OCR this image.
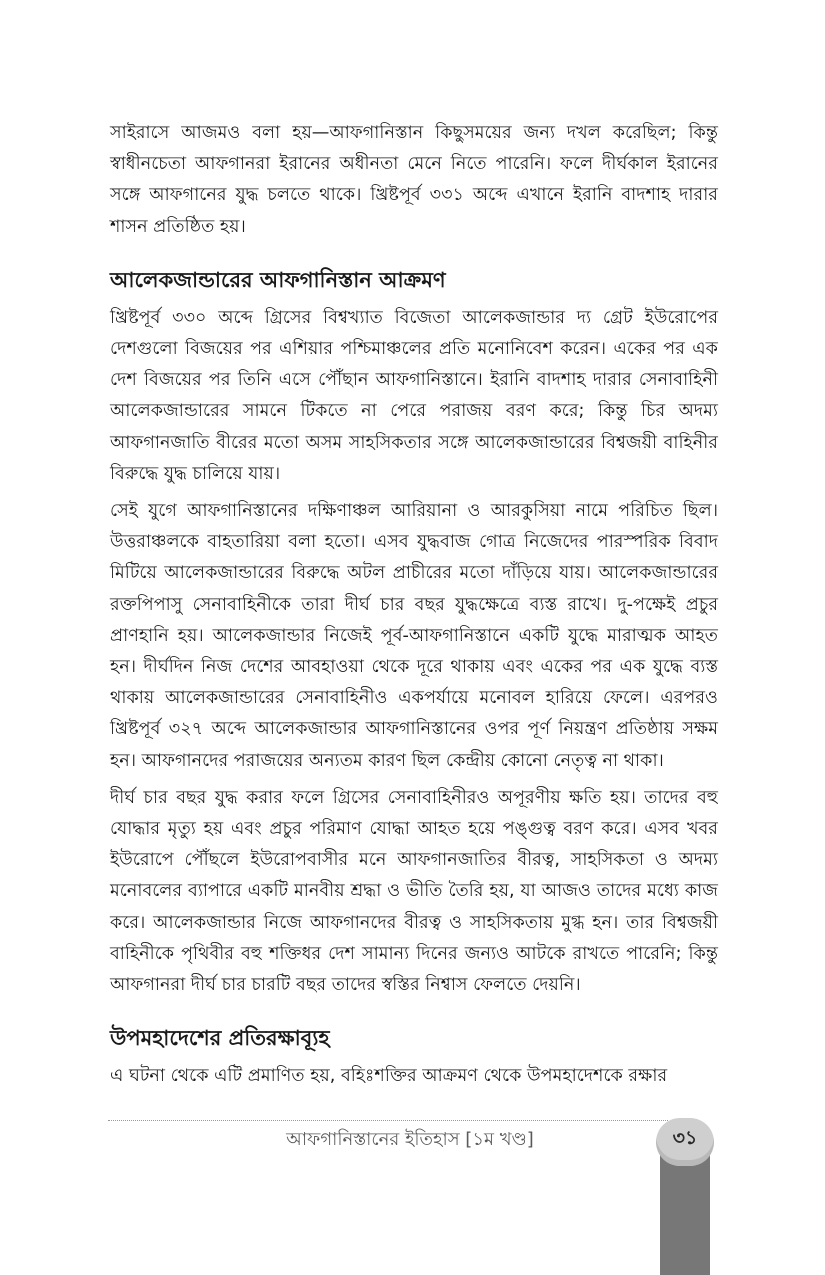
সাইরাসে আজমও বলা হয়—আফগানিস্তান কিছুসময়ের জন্য দখল করেছিল; কিন্তু স্বাধীনচেতা আফগানরা ইরানের অধীনতা মেনে নিতে পারেনি। ফলে দীর্ঘকাল ইরানের সঙ্গে আফগানের যুদ্ধ চলতে থাকে। খ্রিষ্টপূর্ব ৩৩১ অব্দে এখানে ইরানি বাদশাহ দারার শাসন প্রতিষ্ঠিত হয়।

আলেকজান্ডারের আফগানিস্তান আক্রমণ

খ্রিষ্টপূর্ব ৩৩০ অব্দে গ্রিসের বিশ্বখ্যাত বিজেতা আলেকজান্ডার দ্য গ্রেট ইউরোপের দেশগুলো বিজয়ের পর এশিয়ার পশ্চিমাঞ্চলের প্রতি মনোনিবেশ করেন। একের পর এক দেশ বিজয়ের পর তিনি এসে পৌঁছান আফগানিস্তানে। ইরানি বাদশাহ দারার সেনাবাহিনী আলেকজান্ডারের সামনে টিকতে না পেরে পরাজয় বরণ করে; কিন্তু চির অদম্য আফগানজাতি বীরের মতো অসম সাহসিকতার সঙ্গে আলেকজান্ডারের বিশ্বজয়ী বাহিনীর বিরুদ্ধে যুদ্ধ চালিয়ে যায়।

সেই যুগে আফগানিস্তানের দক্ষিণাঞ্চল আরিয়ানা ও আরকুসিয়া নামে পরিচিত ছিল। উত্তরাঞ্চলকে বাহতারিয়া বলা হতো। এসব যুদ্ধবাজ গোত্র নিজেদের পারস্পরিক বিবাদ মিটিয়ে আলেকজান্ডারের বিরুদ্ধে অটল প্রাচীরের মতো দাঁড়িয়ে যায়। আলেকজান্ডারের রক্তপিপাসু সেনাবাহিনীকে তারা দীর্ঘ চার বছর যুদ্ধক্ষেত্রে ব্যস্ত রাখে। দু-পক্ষেই প্রচুর প্রাণহানি হয়। আলেকজান্ডার নিজেই পূর্ব-আফগানিস্তানে একটি যুদ্ধে মারাত্মক আহত হন। দীর্ঘদিন নিজ দেশের আবহাওয়া থেকে দূরে থাকায় এবং একের পর এক যুদ্ধে ব্যস্ত থাকায় আলেকজান্ডারের সেনাবাহিনীও একপর্যায়ে মনোবল হারিয়ে ফেলে। এরপরও খ্রিষ্টপূর্ব ৩২৭ অব্দে আলেকজান্ডার আফগানিস্তানের ওপর পূর্ণ নিয়ন্ত্রণ প্রতিষ্ঠায় সক্ষম হন। আফগানদের পরাজয়ের অন্যতম কারণ ছিল কেন্দ্রীয় কোনো নেতৃত্ব না থাকা।

দীর্ঘ চার বছর যুদ্ধ করার ফলে গ্রিসের সেনাবাহিনীরও অপূরণীয় ক্ষতি হয়। তাদের বহু যোদ্ধার মৃত্যু হয় এবং প্রচুর পরিমাণ যোদ্ধা আহত হয়ে পঙ্গুত্ব বরণ করে। এসব খবর ইউরোপে পৌঁছলে ইউরোপবাসীর মনে আফগানজাতির বীরত্ব, সাহসিকতা ও অদম্য মনোবলের ব্যাপারে একটি মানবীয় শ্রদ্ধা ও ভীতি তৈরি হয়, যা আজও তাদের মধ্যে কাজ করে। আলেকজান্ডার নিজে আফগানদের বীরত্ব ও সাহসিকতায় মুগ্ধ হন। তার বিশ্বজয়ী বাহিনীকে পৃথিবীর বহু শক্তিধর দেশ সামান্য দিনের জন্যও আটকে রাখতে পারেনি; কিন্তু আফগানরা দীর্ঘ চার চারটি বছর তাদের স্বস্তির নিশ্বাস ফেলতে দেয়নি।

উপমহাদেশের প্রতিরক্ষাব্যূহ

এ ঘটনা থেকে এটি প্রমাণিত হয়, বহিঃশক্তির আক্রমণ থেকে উপমহাদেশকে রক্ষার

আফগানিস্তানের ইতিহাস [১ম খণ্ড]	৩১
